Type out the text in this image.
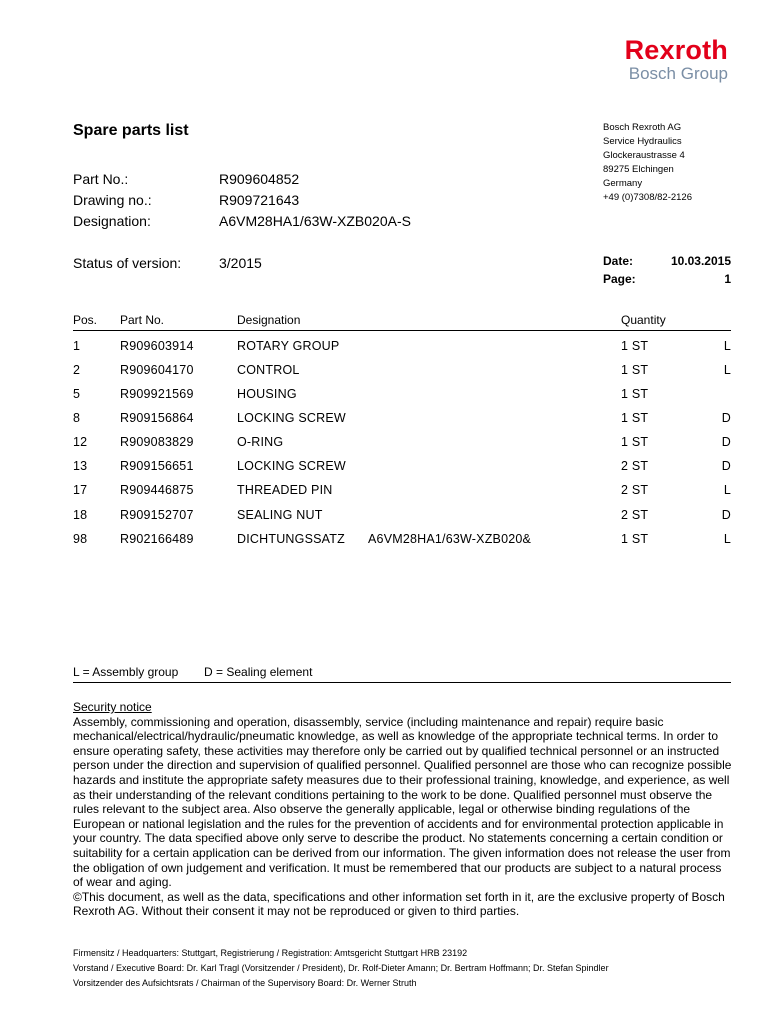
Rexroth
Bosch Group
Spare parts list	Bosch Rexroth AG
Service Hydraulics
Glockeraustrasse 4
89275 Elchingen
Germany
+49 (0)7308/82-2126
Part No.:	R909604852
Drawing no.:	R909721643
Designation:	A6VM28HA1/63W-XZB020A-S
Status of version:	3/2015	Date:	10.03.2015
Page:	1
Pos. Part No.	Designation	Quantity
1	R909603914	ROTARY GROUP	1 ST	L
2	R909604170	CONTROL	1 ST	L
5	R909921569	HOUSING	1 ST
8	R909156864	LOCKING SCREW	1 ST	D
12	R909083829	O-RING	1 ST	D
13	R909156651	LOCKING SCREW	2 ST	D
17	R909446875	THREADED PIN	2 ST	L
18	R909152707	SEALING NUT	2 ST	D
98	R902166489	DICHTUNGSSATZ A6VM28HA1/63W-XZB020&	1 ST	L
L = Assembly group D = Sealing element
Security notice
Assembly, commissioning and operation, disassembly, service (including maintenance and repair) require basic mechanical/electrical/hydraulic/pneumatic knowledge, as well as knowledge of the appropriate technical terms. In order to ensure operating safety, these activities may therefore only be carried out by qualified technical personnel or an instructed person under the direction and supervision of qualified personnel. Qualified personnel are those who can recognize possible hazards and institute the appropriate safety measures due to their professional training, knowledge, and experience, as well as their understanding of the relevant conditions pertaining to the work to be done. Qualified personnel must observe the rules relevant to the subject area. Also observe the generally applicable, legal or otherwise binding regulations of the European or national legislation and the rules for the prevention of accidents and for environmental protection applicable in your country. The data specified above only serve to describe the product. No statements concerning a certain condition or suitability for a certain application can be derived from our information. The given information does not release the user from the obligation of own judgement and verification. It must be remembered that our products are subject to a natural process of wear and aging.
©This document, as well as the data, specifications and other information set forth in it, are the exclusive property of Bosch Rexroth AG. Without their consent it may not be reproduced or given to third parties.
Firmensitz / Headquarters: Stuttgart, Registrierung / Registration: Amtsgericht Stuttgart HRB 23192
Vorstand / Executive Board: Dr. Karl Tragl (Vorsitzender / President), Dr. Rolf-Dieter Amann; Dr. Bertram Hoffmann; Dr. Stefan Spindler
Vorsitzender des Aufsichtsrats / Chairman of the Supervisory Board: Dr. Werner Struth
